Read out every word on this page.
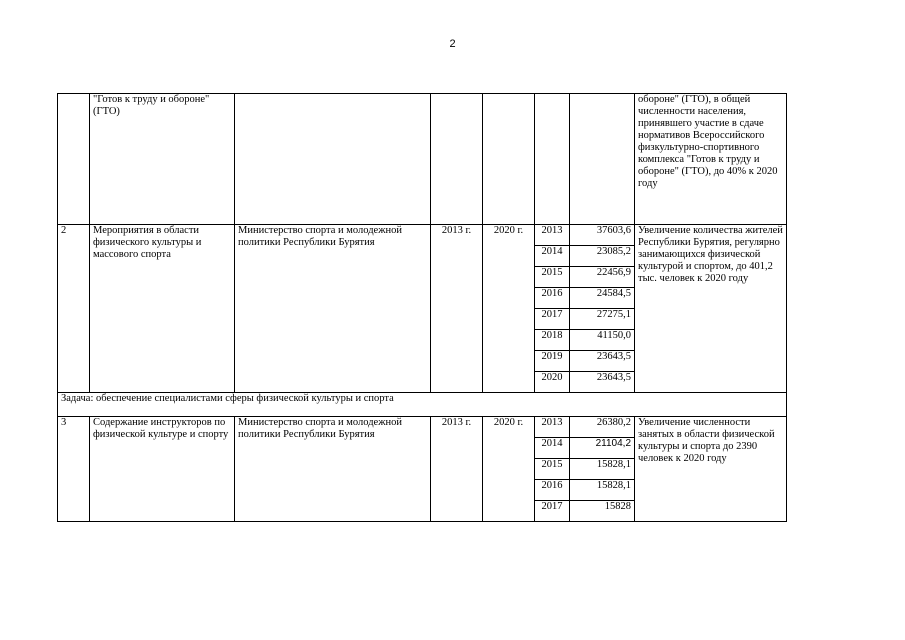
2
	"Готов к труду и обороне" (ГТО)						обороне" (ГТО), в общей численности населения, принявшего участие в сдаче нормативов Всероссийского физкультурно-спортивного комплекса "Готов к труду и обороне" (ГТО), до 40% к 2020 году
2	Мероприятия в области физического культуры и массового спорта	Министерство спорта и молодежной политики Республики Бурятия	2013 г.	2020 г.	2013	37603,6	Увеличение количества жителей Республики Бурятия, регулярно занимающихся физической культурой и спортом, до 401,2 тыс. человек к 2020 году
					2014	23085,2	
					2015	22456,9	
					2016	24584,5	
					2017	27275,1	
					2018	41150,0	
					2019	23643,5	
					2020	23643,5	
Задача: обеспечение специалистами сферы физической культуры и спорта							
3	Содержание инструкторов по физической культуре и спорту	Министерство спорта и молодежной политики Республики Бурятия	2013 г.	2020 г.	2013	26380,2	Увеличение численности занятых в области физической культуры и спорта до 2390 человек к 2020 году
					2014	21104,2	
					2015	15828,1	
					2016	15828,1	
					2017	15828	
